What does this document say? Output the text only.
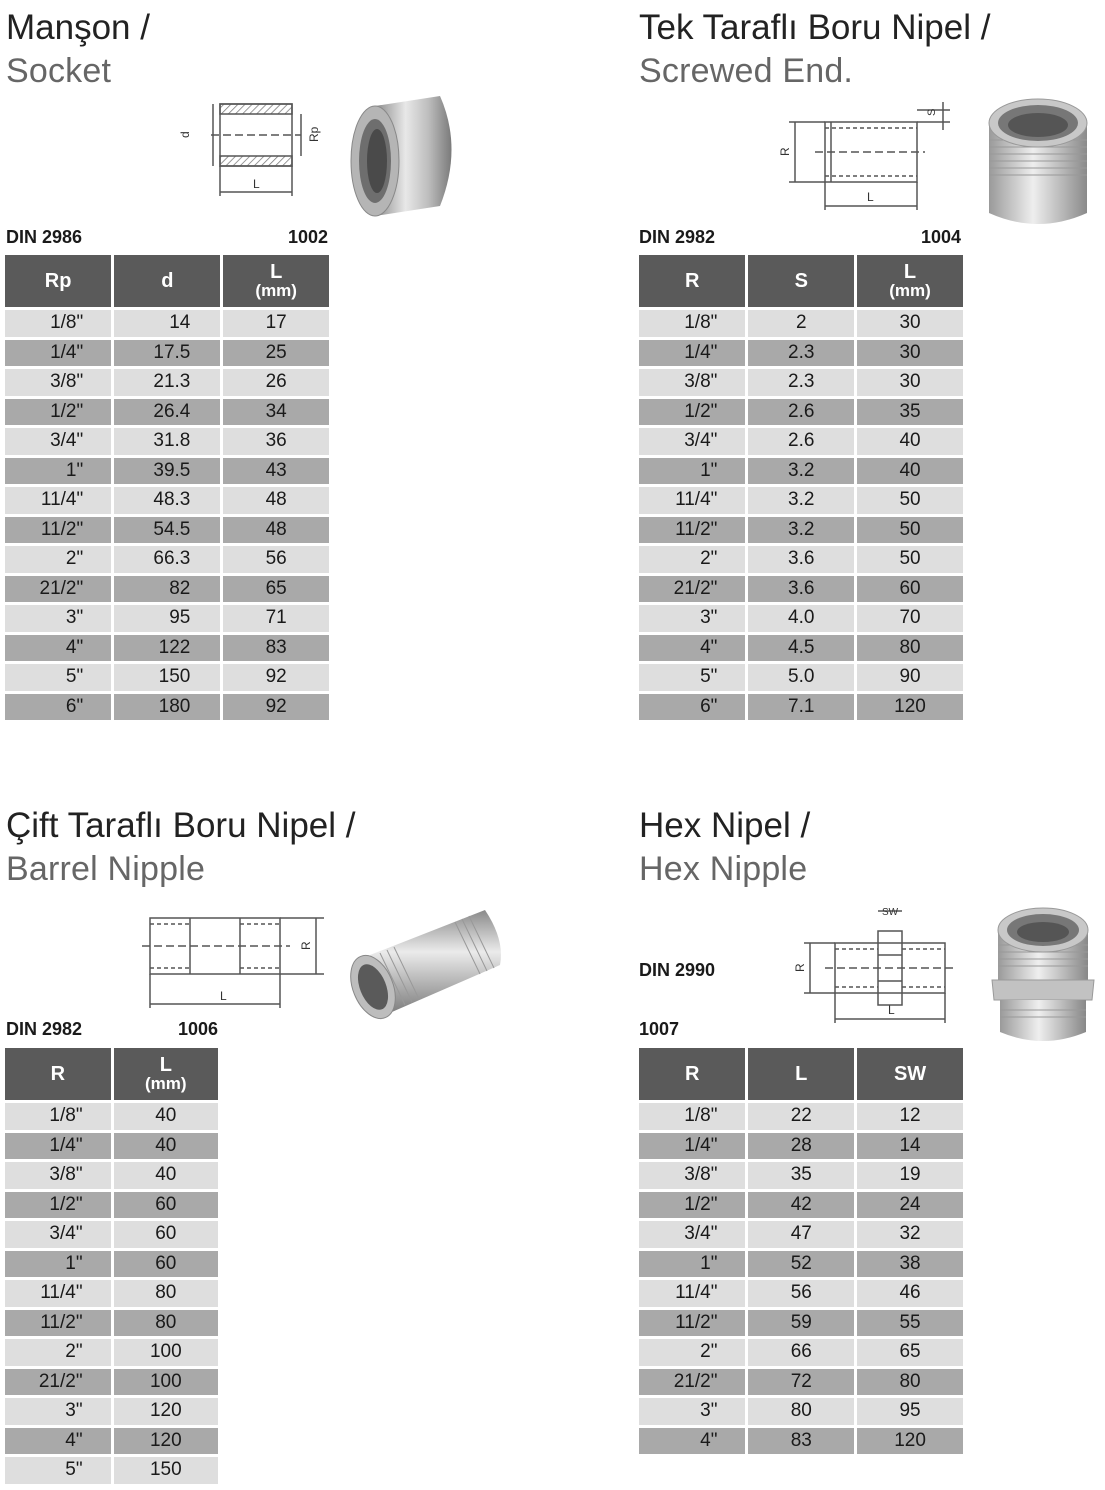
Manşon /
Socket
d	Rp
L
DIN 2986	1002
Rp	d	L
(mm)

1/8"	14	17
1/4"	17.5	25
3/8"	21.3	26
1/2"	26.4	34
3/4"	31.8	36
1"	39.5	43
11/4"	48.3	48
11/2"	54.5	48
2"	66.3	56
21/2"	82	65
3"	95	71
4"	122	83
5"	150	92
6"	180	92
Tek Taraflı Boru Nipel /
Screwed End.
R
S
L
DIN 2982	1004
R	S	L
(mm)

1/8"	2	30
1/4"	2.3	30
3/8"	2.3	30
1/2"	2.6	35
3/4"	2.6	40
1"	3.2	40
11/4"	3.2	50
11/2"	3.2	50
2"	3.6	50
21/2"	3.6	60
3"	4.0	70
4"	4.5	80
5"	5.0	90
6"	7.1	120
Çift Taraflı Boru Nipel /
Barrel Nipple
R
L
DIN 2982	1006
R	L
(mm)

1/8"	40
1/4"	40
3/8"	40
1/2"	60
3/4"	60
1"	60
11/4"	80
11/2"	80
2"	100
21/2"	100
3"	120
4"	120
5"	150
Hex Nipel /
Hex Nipple
SW
R
L
DIN 2990
1007
R	L	SW
1/8"	22	12
1/4"	28	14
3/8"	35	19
1/2"	42	24
3/4"	47	32
1"	52	38
11/4"	56	46
11/2"	59	55
2"	66	65
21/2"	72	80
3"	80	95
4"	83	120
